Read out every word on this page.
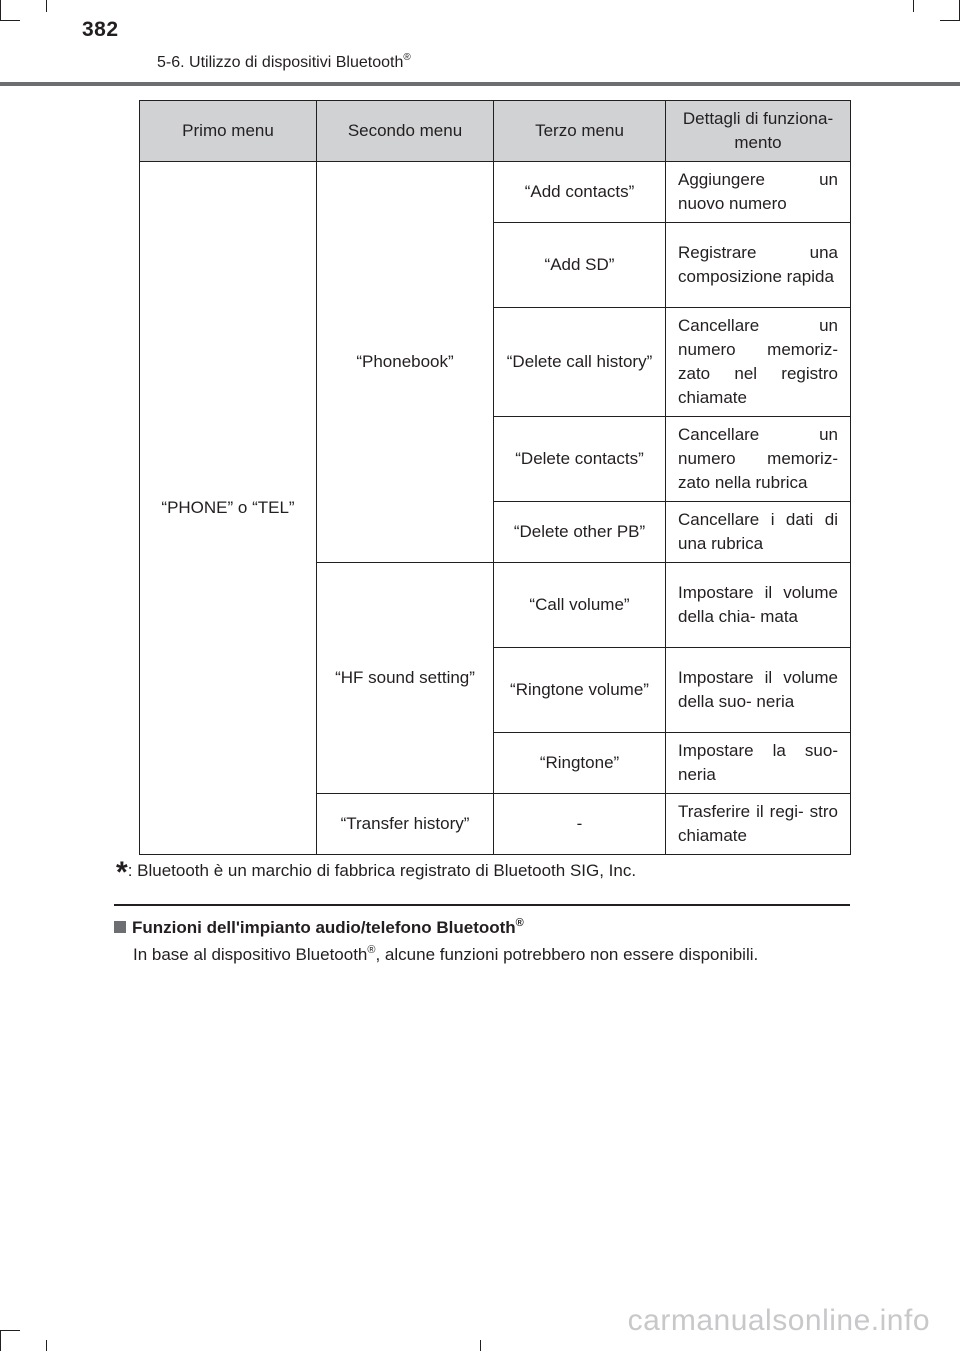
382
5-6. Utilizzo di dispositivi Bluetooth®
Primo menu	Secondo menu	Terzo menu	Dettagli di funziona- mento
“PHONE” o “TEL”	“Phonebook”	“Add contacts”	Aggiungere un nuovo numero
		“Add SD”	Registrare una composizione rapida
		“Delete call history”	Cancellare un numero memoriz- zato nel registro chiamate
		“Delete contacts”	Cancellare un numero memoriz- zato nella rubrica
		“Delete other PB”	Cancellare i dati di una rubrica
	“HF sound setting”	“Call volume”	Impostare il volume della chia- mata
		“Ringtone volume”	Impostare il volume della suo- neria
		“Ringtone”	Impostare la suo- neria
	“Transfer history”	-	Trasferire il regi- stro chiamate
*: Bluetooth è un marchio di fabbrica registrato di Bluetooth SIG, Inc.
Funzioni dell'impianto audio/telefono Bluetooth®
In base al dispositivo Bluetooth®, alcune funzioni potrebbero non essere disponibili.
carmanualsonline.info
